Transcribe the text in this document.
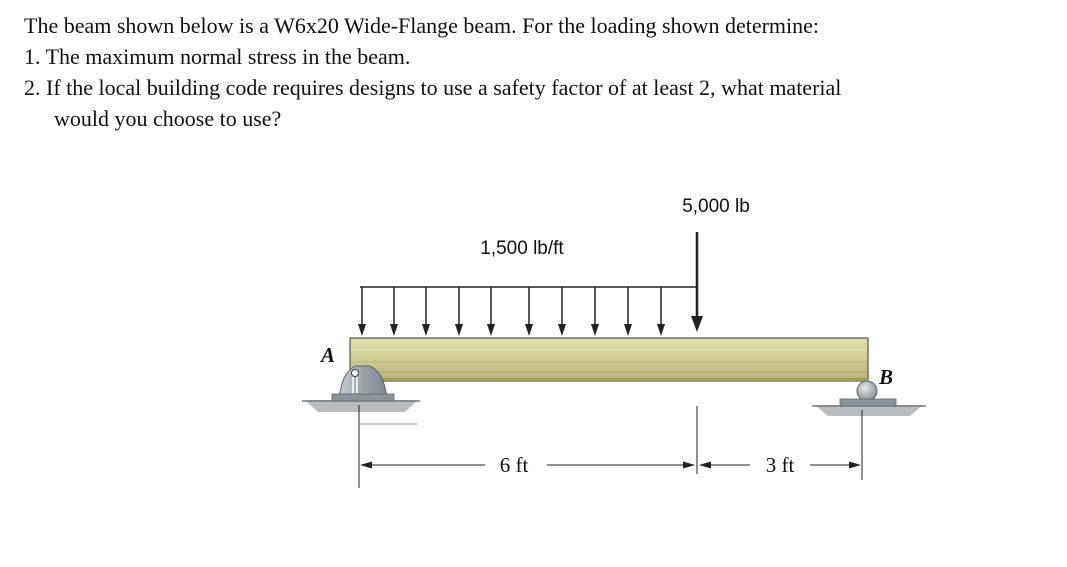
The beam shown below is a W6x20 Wide-Flange beam. For the loading shown determine:

1. The maximum normal stress in the beam.

2. If the local building code requires designs to use a safety factor of at least 2, what material

would you choose to use?

5,000 lb
1,500 lb/ft
A
B
6 ft	3 ft
